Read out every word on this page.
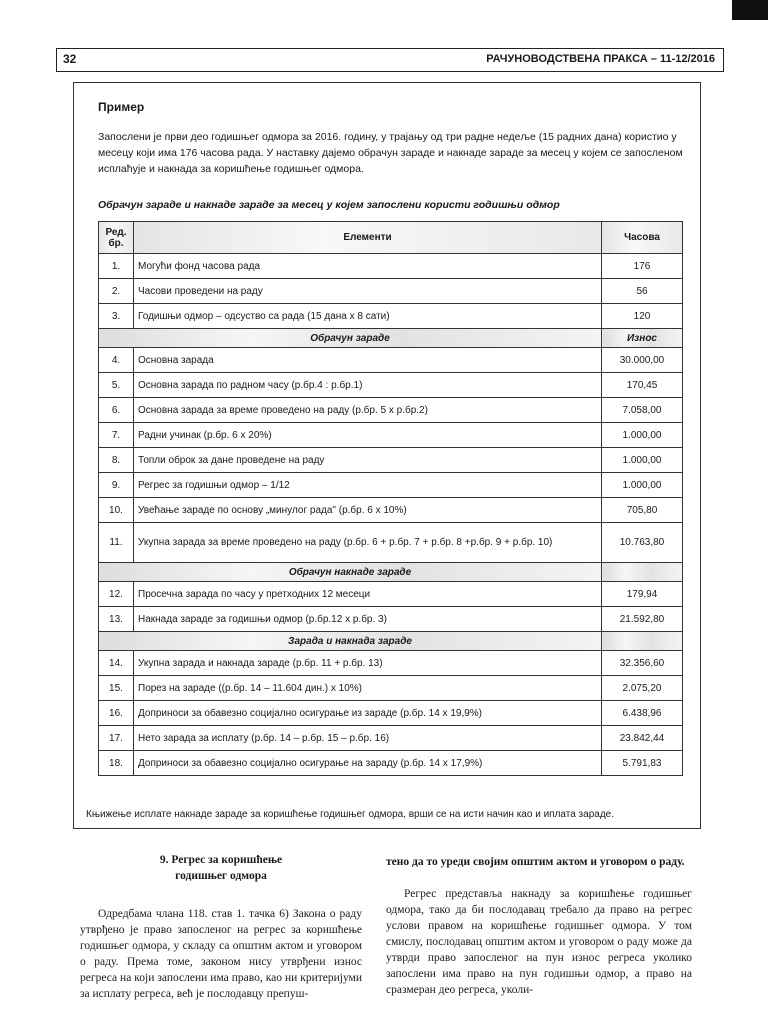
32	РАЧУНОВОДСТВЕНА ПРАКСА – 11-12/2016
Пример
Запослени је први део годишњег одмора за 2016. годину, у трајању од три радне недеље (15 радних дана) користио у месецу који има 176 часова рада. У наставку дајемо обрачун зараде и накнаде зараде за месец у којем се запосленом исплаћује и накнада за коришћење годишњег одмора.
Обрачун зараде и накнаде зараде за месец у којем запослени користи годишњи одмор
Ред. бр.	Елементи	Часова
1.	Могући фонд часова рада	176
2.	Часови проведени на раду	56
3.	Годишњи одмор – одсуство са рада (15 дана x 8 сати)	120
Обрачун зараде		Износ
4.	Основна зарада	30.000,00
5.	Основна зарада по радном часу (р.бр.4 : р.бр.1)	170,45
6.	Основна зарада за време проведено на раду (р.бр. 5 x р.бр.2)	7.058,00
7.	Радни учинак (р.бр. 6 x 20%)	1.000,00
8.	Топли оброк за дане проведене на раду	1.000,00
9.	Регрес за годишњи одмор – 1/12	1.000,00
10.	Увећање зараде по основу „минулог рада" (р.бр. 6 x 10%)	705,80
11.	Укупна зарада за време проведено на раду (р.бр. 6 + р.бр. 7 + р.бр. 8 +р.бр. 9 + р.бр. 10)	10.763,80
Обрачун накнаде зараде		
12.	Просечна зарада по часу у претходних 12 месеци	179,94
13.	Накнада зараде за годишњи одмор (р.бр.12 x р.бр. 3)	21.592,80
Зарада и накнада зараде		
14.	Укупна зарада и накнада зараде (р.бр. 11 + р.бр. 13)	32.356,60
15.	Порез на зараде ((р.бр. 14 – 11.604 дин.) x 10%)	2.075,20
16.	Доприноси за обавезно социјално осигурање из зараде (р.бр. 14 x 19,9%)	6.438,96
17.	Нето зарада за исплату (р.бр. 14 – р.бр. 15 – р.бр. 16)	23.842,44
18.	Доприноси за обавезно социјално осигурање на зараду (р.бр. 14 x 17,9%)	5.791,83
Књижење исплате накнаде зараде за коришћење годишњег одмора, врши се на исти начин као и иплата зараде.
9. Регрес за коришћење
годишњег одмора

Одредбама члана 118. став 1. тачка 6) Закона о раду утврђено је право запосленог на регрес за коришћење годишњег одмора, у складу са општим актом и уговором о раду. Према томе, законом нису утврђени износ регреса на који запослени има право, као ни критеријуми за исплату регреса, већ је послодавцу препуш-

тено да то уреди својим општим актом и уговором о раду.

Регрес представља накнаду за коришћење годишњег одмора, тако да би послодавац требало да право на регрес услови правом на коришћење годишњег одмора. У том смислу, послодавац општим актом и уговором о раду може да утврди право запосленог на пун износ регреса уколико запослени има право на пун годишњи одмор, а право на сразмеран део регреса, уколи-
